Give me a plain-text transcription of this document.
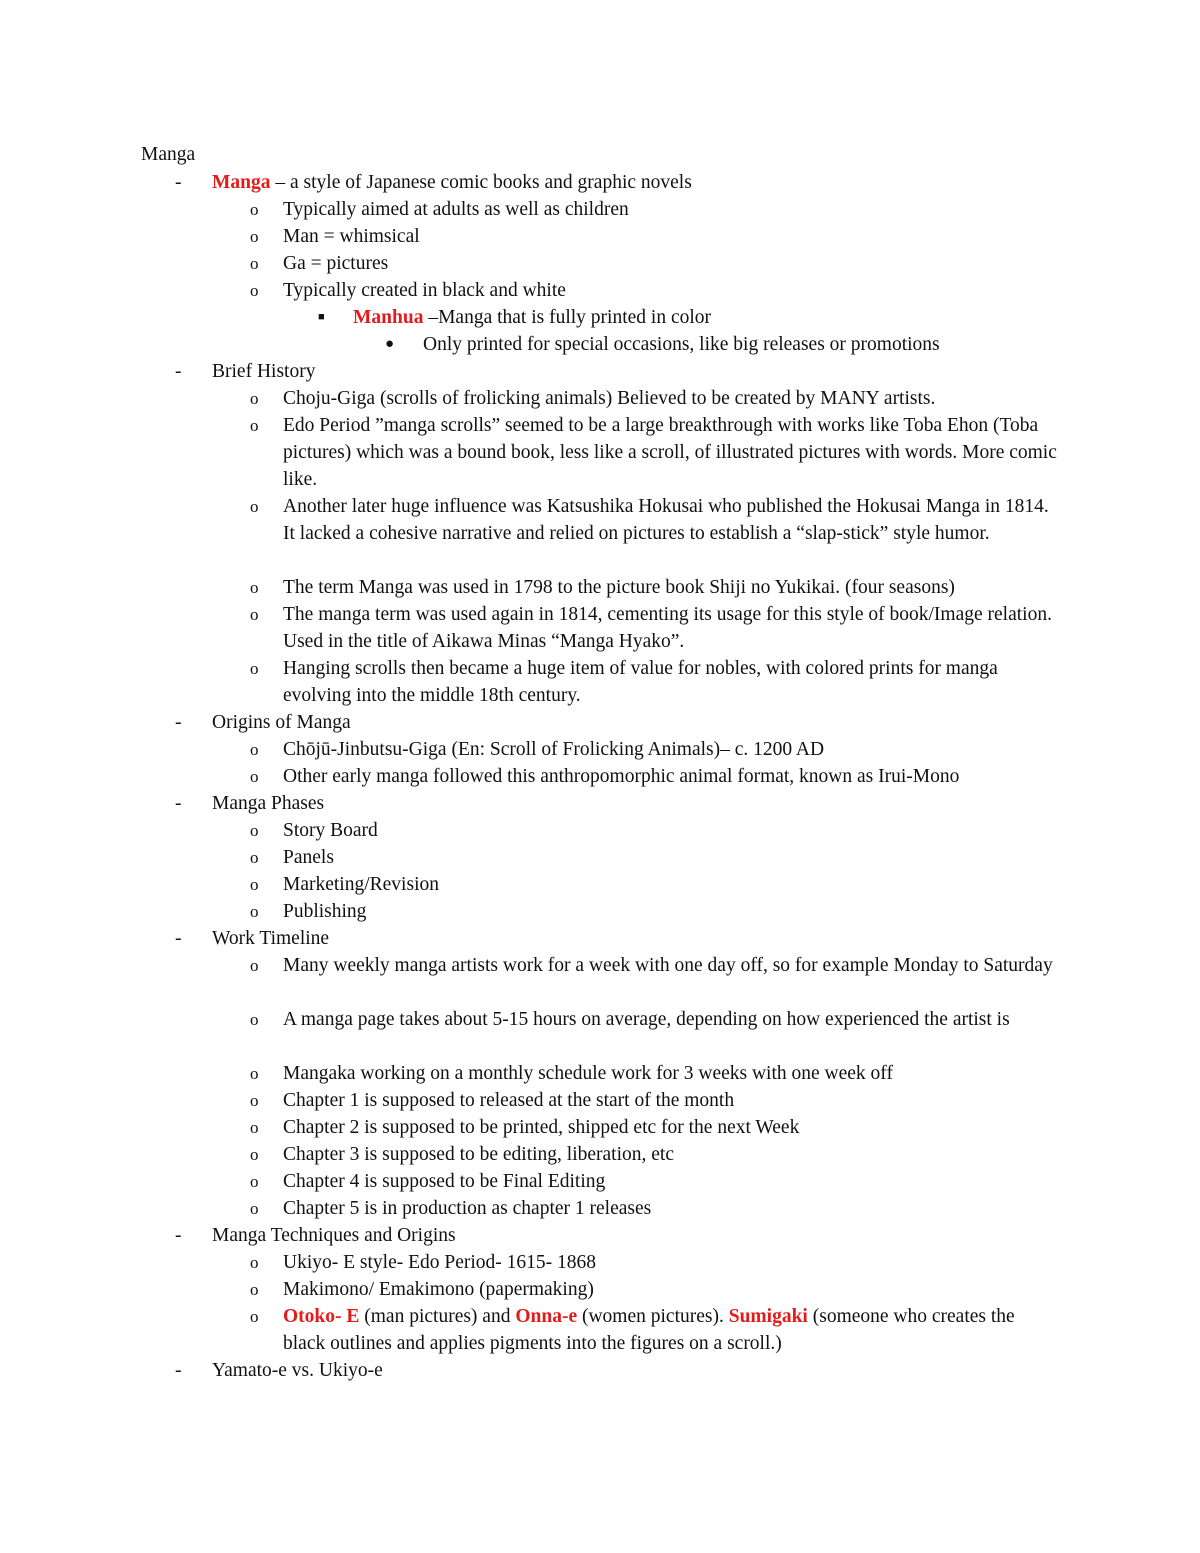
Manga
-	Manga – a style of Japanese comic books and graphic novels
o	Typically aimed at adults as well as children
o	Man = whimsical
o	Ga = pictures
o	Typically created in black and white
■	Manhua –Manga that is fully printed in color
●	Only printed for special occasions, like big releases or promotions
-	Brief History
o	Choju-Giga (scrolls of frolicking animals) Believed to be created by MANY artists.
o	Edo Period ”manga scrolls” seemed to be a large breakthrough with works like Toba Ehon (Toba pictures) which was a bound book, less like a scroll, of illustrated pictures with words. More comic like.
o	Another later huge influence was Katsushika Hokusai who published the Hokusai Manga in 1814. It lacked a cohesive narrative and relied on pictures to establish a “slap-stick” style humor.
o	The term Manga was used in 1798 to the picture book Shiji no Yukikai. (four seasons)
o	The manga term was used again in 1814, cementing its usage for this style of book/Image relation. Used in the title of Aikawa Minas “Manga Hyako”.
o	Hanging scrolls then became a huge item of value for nobles, with colored prints for manga evolving into the middle 18th century.
-	Origins of Manga
o	Chōjū-Jinbutsu-Giga (En: Scroll of Frolicking Animals)– c. 1200 AD
o	Other early manga followed this anthropomorphic animal format, known as Irui-Mono
-	Manga Phases
o	Story Board
o	Panels
o	Marketing/Revision
o	Publishing
-	Work Timeline
o	Many weekly manga artists work for a week with one day off, so for example Monday to Saturday
o	A manga page takes about 5-15 hours on average, depending on how experienced the artist is
o	Mangaka working on a monthly schedule work for 3 weeks with one week off
o	Chapter 1 is supposed to released at the start of the month
o	Chapter 2 is supposed to be printed, shipped etc for the next Week
o	Chapter 3 is supposed to be editing, liberation, etc
o	Chapter 4 is supposed to be Final Editing
o	Chapter 5 is in production as chapter 1 releases
-	Manga Techniques and Origins
o	Ukiyo- E style- Edo Period- 1615- 1868
o	Makimono/ Emakimono (papermaking)
o	Otoko- E (man pictures) and Onna-e (women pictures). Sumigaki (someone who creates the black outlines and applies pigments into the figures on a scroll.)
-	Yamato-e vs. Ukiyo-e
